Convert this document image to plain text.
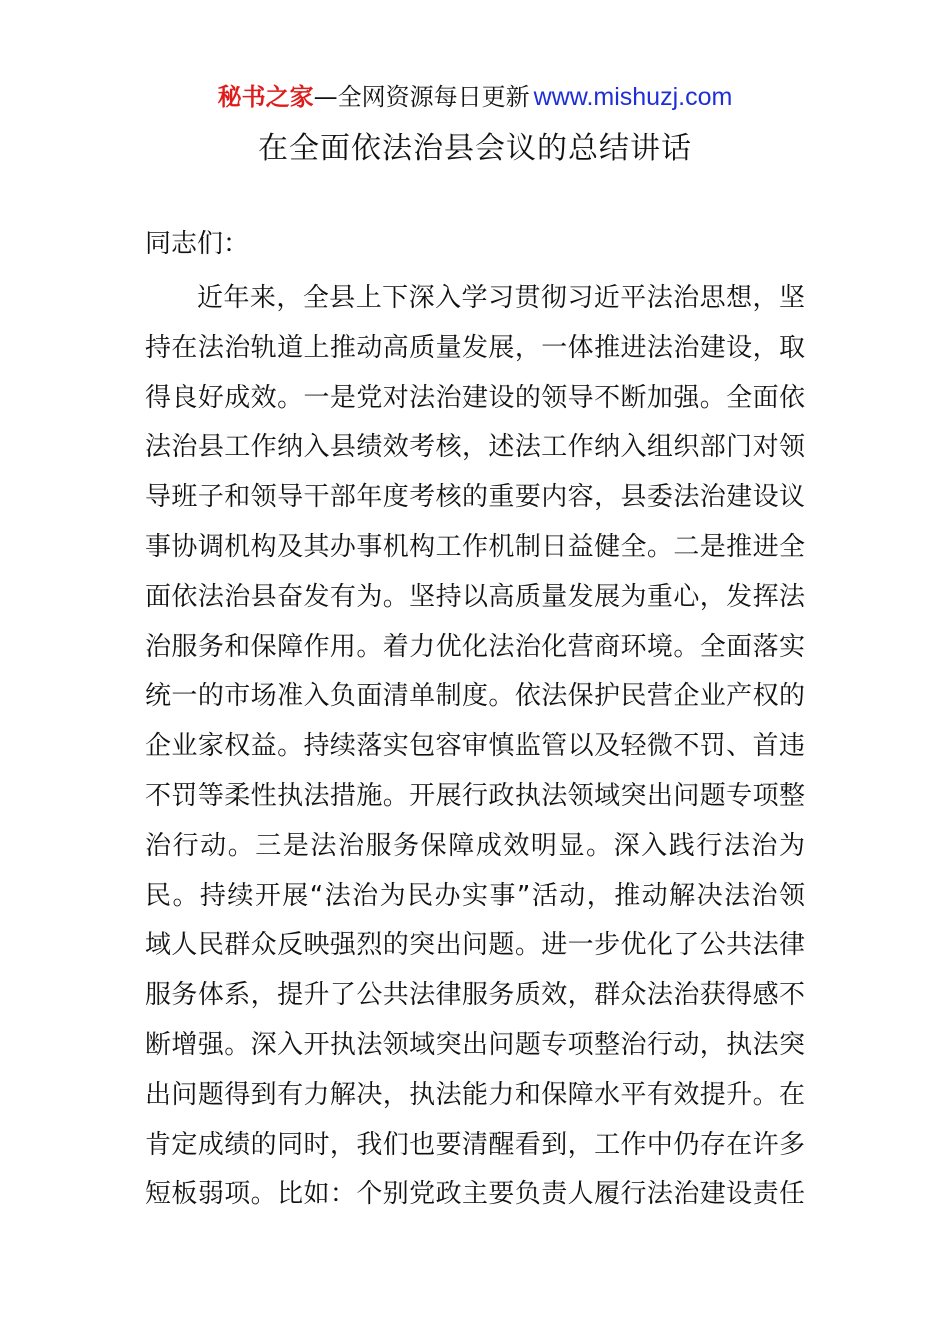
秘书之家—全网资源每日更新 www.mishuzj.com
在全面依法治县会议的总结讲话

同志们：

近年来，全县上下深入学习贯彻习近平法治思想，坚
持在法治轨道上推动高质量发展，一体推进法治建设，取
得良好成效。一是党对法治建设的领导不断加强。全面依
法治县工作纳入县绩效考核，述法工作纳入组织部门对领
导班子和领导干部年度考核的重要内容，县委法治建设议
事协调机构及其办事机构工作机制日益健全。二是推进全
面依法治县奋发有为。坚持以高质量发展为重心，发挥法
治服务和保障作用。着力优化法治化营商环境。全面落实
统一的市场准入负面清单制度。依法保护民营企业产权的
企业家权益。持续落实包容审慎监管以及轻微不罚、首违
不罚等柔性执法措施。开展行政执法领域突出问题专项整
治行动。三是法治服务保障成效明显。深入践行法治为
民。持续开展“法治为民办实事”活动，推动解决法治领
域人民群众反映强烈的突出问题。进一步优化了公共法律
服务体系，提升了公共法律服务质效，群众法治获得感不
断增强。深入开执法领域突出问题专项整治行动，执法突
出问题得到有力解决，执法能力和保障水平有效提升。在
肯定成绩的同时，我们也要清醒看到，工作中仍存在许多
短板弱项。比如：个别党政主要负责人履行法治建设责任
